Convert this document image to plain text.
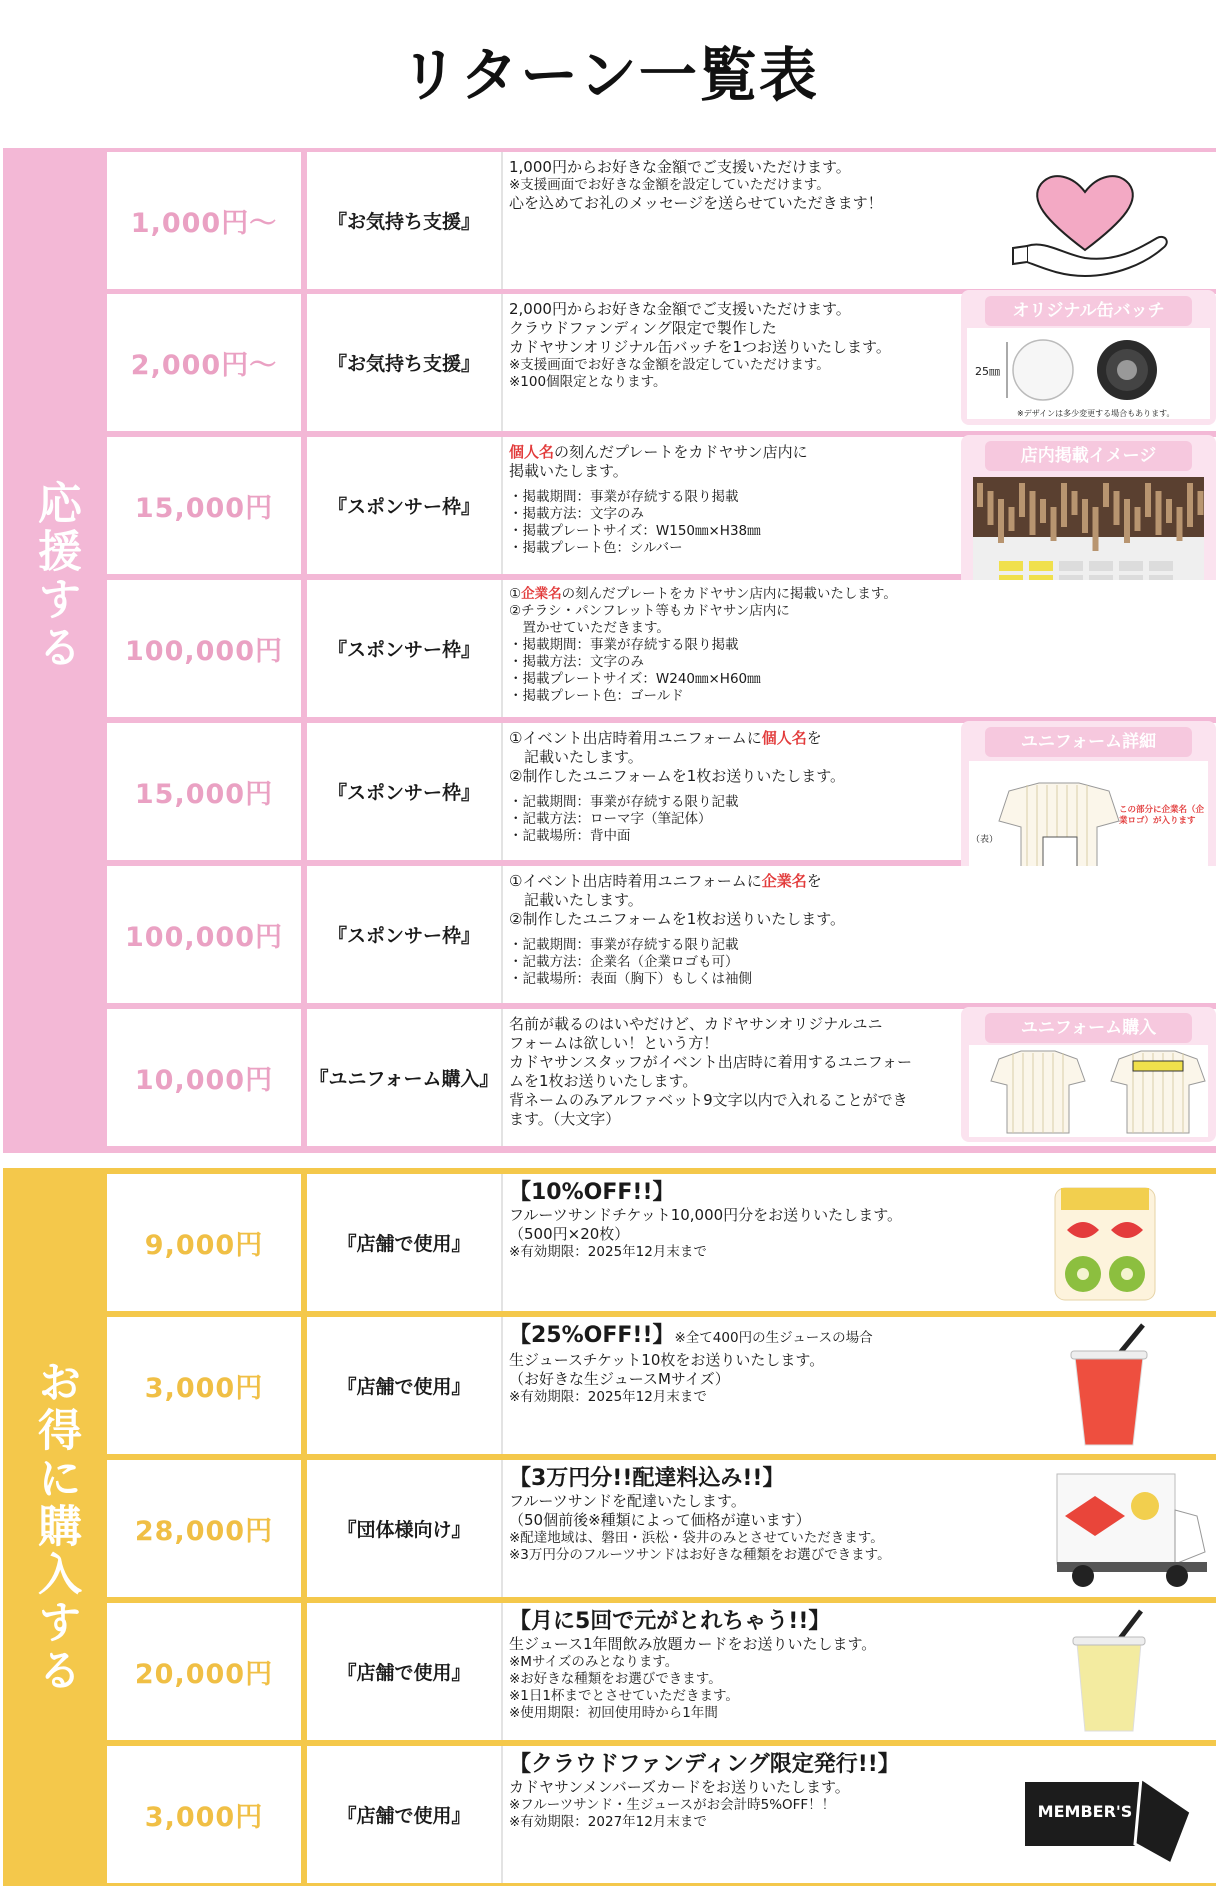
リターン一覧表
応援する
1,000円～	『お気持ち支援』
1,000円からお好きな金額でご支援いただけます。
※支援画面でお好きな金額を設定していただけます。
心を込めてお礼のメッセージを送らせていただきます！
2,000円～	『お気持ち支援』
2,000円からお好きな金額でご支援いただけます。
クラウドファンディング限定で製作した
カドヤサンオリジナル缶バッチを1つお送りいたします。
※支援画面でお好きな金額を設定していただけます。
※100個限定となります。
オリジナル缶バッチ
25㎜
※デザインは多少変更する場合もあります。
15,000円	『スポンサー枠』
個人名の刻んだプレートをカドヤサン店内に
掲載いたします。
・掲載期間：事業が存続する限り掲載
・掲載方法：文字のみ
・掲載プレートサイズ：W150㎜×H38㎜
・掲載プレート色：シルバー
店内掲載イメージ
100,000円	『スポンサー枠』
①企業名の刻んだプレートをカドヤサン店内に掲載いたします。
②チラシ・パンフレット等もカドヤサン店内に
　置かせていただきます。
・掲載期間：事業が存続する限り掲載
・掲載方法：文字のみ
・掲載プレートサイズ：W240㎜×H60㎜
・掲載プレート色：ゴールド
15,000円	『スポンサー枠』
①イベント出店時着用ユニフォームに個人名を
　記載いたします。
②制作したユニフォームを1枚お送りいたします。
・記載期間：事業が存続する限り記載
・記載方法：ローマ字（筆記体）
・記載場所：背中面
ユニフォーム詳細
（表）
この部分に企業名（企業ロゴ）が入ります
100,000円	『スポンサー枠』
①イベント出店時着用ユニフォームに企業名を
　記載いたします。
②制作したユニフォームを1枚お送りいたします。
・記載期間：事業が存続する限り記載
・記載方法：企業名（企業ロゴも可）
・記載場所：表面（胸下）もしくは袖側
10,000円	『ユニフォーム購入』
名前が載るのはいやだけど、カドヤサンオリジナルユニ
フォームは欲しい！という方！
カドヤサンスタッフがイベント出店時に着用するユニフォー
ムを1枚お送りいたします。
背ネームのみアルファベット9文字以内で入れることができ
ます。（大文字）
ユニフォーム購入
お得に購入する
9,000円	『店舗で使用』
【10%OFF!!】
フルーツサンドチケット10,000円分をお送りいたします。
（500円×20枚）
※有効期限：2025年12月末まで
3,000円	『店舗で使用』
【25%OFF!!】※全て400円の生ジュースの場合
生ジュースチケット10枚をお送りいたします。
（お好きな生ジュースMサイズ）
※有効期限：2025年12月末まで
28,000円	『団体様向け』
【3万円分!!配達料込み!!】
フルーツサンドを配達いたします。
（50個前後※種類によって価格が違います）
※配達地域は、磐田・浜松・袋井のみとさせていただきます。
※3万円分のフルーツサンドはお好きな種類をお選びできます。
20,000円	『店舗で使用』
【月に5回で元がとれちゃう!!】
生ジュース1年間飲み放題カードをお送りいたします。
※Mサイズのみとなります。
※お好きな種類をお選びできます。
※1日1杯までとさせていただきます。
※使用期限：初回使用時から1年間
3,000円	『店舗で使用』
【クラウドファンディング限定発行!!】
カドヤサンメンバーズカードをお送りいたします。
※フルーツサンド・生ジュースがお会計時5%OFF！！
※有効期限：2027年12月末まで
MEMBER'S
